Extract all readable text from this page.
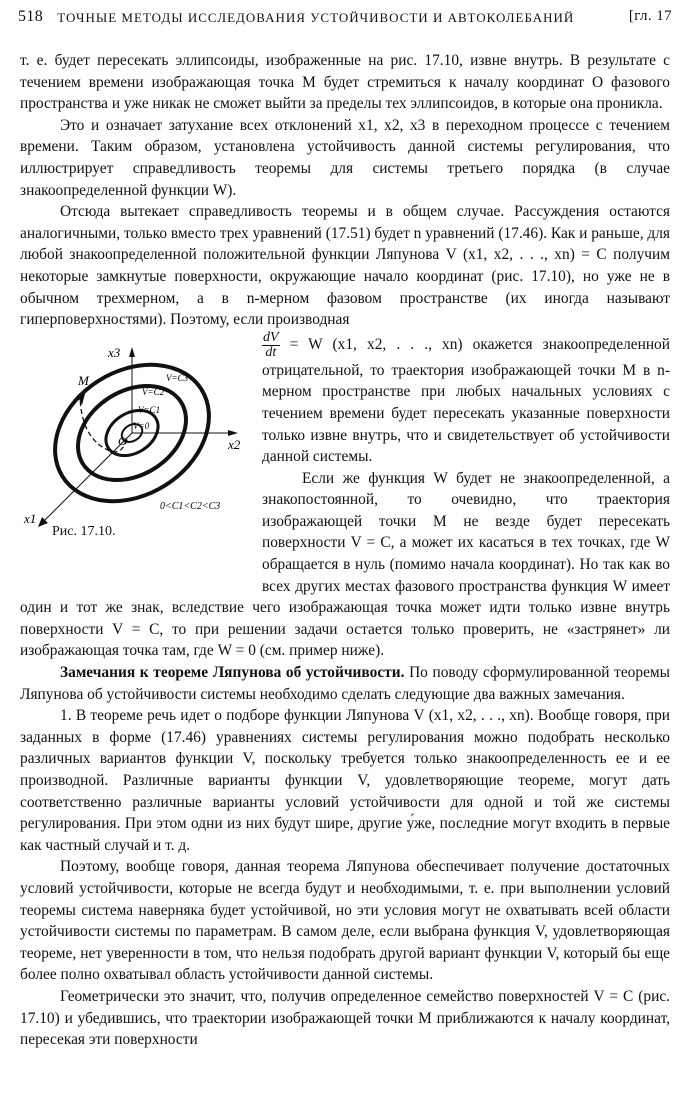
518 ТОЧНЫЕ МЕТОДЫ ИССЛЕДОВАНИЯ УСТОЙЧИВОСТИ И АВТОКОЛЕБАНИЙ	[гл. 17

т. е. будет пересекать эллипсоиды, изображенные на рис. 17.10, извне внутрь. В результате с течением времени изображающая точка M будет стремиться к началу координат O фазового пространства и уже никак не сможет выйти за пределы тех эллипсоидов, в которые она проникла.

Это и означает затухание всех отклонений x1, x2, x3 в переходном процессе с течением времени. Таким образом, установлена устойчивость данной системы регулирования, что иллюстрирует справедливость теоремы для системы третьего порядка (в случае знакоопределенной функции W).

Отсюда вытекает справедливость теоремы и в общем случае. Рассуждения остаются аналогичными, только вместо трех уравнений (17.51) будет n уравнений (17.46). Как и раньше, для любой знакоопределенной положительной функции Ляпунова V (x1, x2, . . ., xn) = C получим некоторые замкнутые поверхности, окружающие начало координат (рис. 17.10), но уже не в обычном трехмерном, а в n-мерном фазовом пространстве (их иногда называют гиперповерхностями). Поэтому, если производная
x3
x2
x1
M
O
V=0
V=C1
V=C2
V=C3
0<C1<C2<C3
Рис. 17.10.
$\frac{dV}{dt} = W$ (x1, x2, . . ., xn) окажется знакоопределенной отрицательной, то траектория изображающей точки M в n-мерном пространстве при любых начальных условиях с течением времени будет пересекать указанные поверхности только извне внутрь, что и свидетельствует об устойчивости данной системы.

Если же функция W будет не знакоопределенной, а знакопостоянной, то очевидно, что траектория изображающей точки M не везде будет пересекать поверхности V = C, а может их касаться в тех точках, где W обращается в нуль (помимо начала координат). Но так как во всех других местах фазового пространства функция W имеет один и тот же знак, вследствие чего изображающая точка может идти только извне внутрь поверхности V = C, то при решении задачи остается только проверить, не «застрянет» ли изображающая точка там, где W = 0 (см. пример ниже).

Замечания к теореме Ляпунова об устойчивости. По поводу сформулированной теоремы Ляпунова об устойчивости системы необходимо сделать следующие два важных замечания.

1. В теореме речь идет о подборе функции Ляпунова V (x1, x2, . . ., xn). Вообще говоря, при заданных в форме (17.46) уравнениях системы регулирования можно подобрать несколько различных вариантов функции V, поскольку требуется только знакоопределенность ее и ее производной. Различные варианты функции V, удовлетворяющие теореме, могут дать соответственно различные варианты условий устойчивости для одной и той же системы регулирования. При этом одни из них будут шире, другие у́же, последние могут входить в первые как частный случай и т. д.

Поэтому, вообще говоря, данная теорема Ляпунова обеспечивает получение достаточных условий устойчивости, которые не всегда будут и необходимыми, т. е. при выполнении условий теоремы система наверняка будет устойчивой, но эти условия могут не охватывать всей области устойчивости системы по параметрам. В самом деле, если выбрана функция V, удовлетворяющая теореме, нет уверенности в том, что нельзя подобрать другой вариант функции V, который бы еще более полно охватывал область устойчивости данной системы.

Геометрически это значит, что, получив определенное семейство поверхностей V = C (рис. 17.10) и убедившись, что траектории изображающей точки M приближаются к началу координат, пересекая эти поверхности
